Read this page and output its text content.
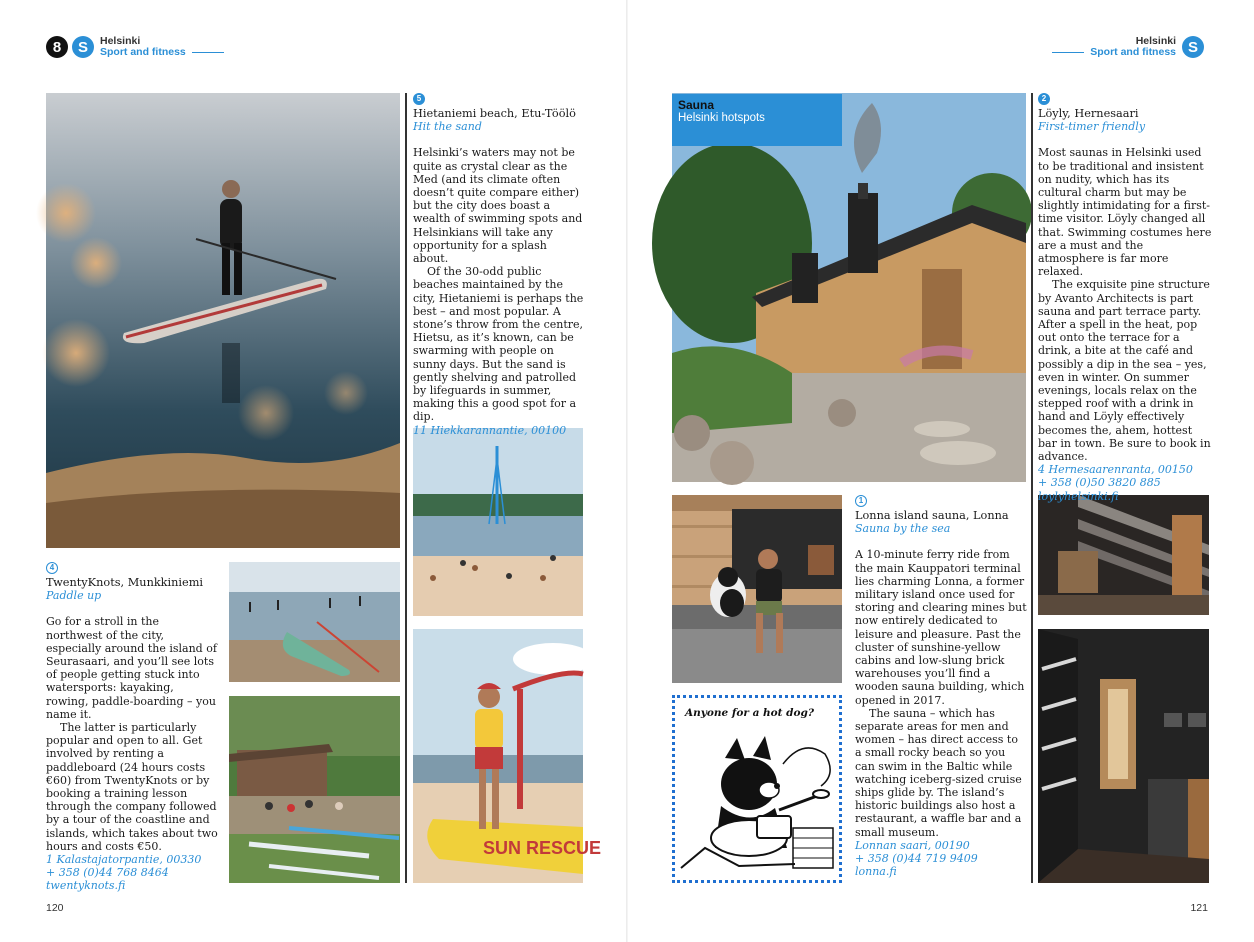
8	S	Helsinki
Sport and fitness	S
Helsinki
Sport and fitness
SUN RESCUE
5
Hietaniemi beach, Etu-Töölö
Hit the sand

Helsinki’s waters may not be quite as crystal clear as the Med (and its climate often doesn’t quite compare either) but the city does boast a wealth of swimming spots and Helsinkians will take any opportunity for a splash about.

Of the 30-odd public beaches maintained by the city, Hietaniemi is perhaps the best – and most popular. A stone’s throw from the centre, Hietsu, as it’s known, can be swarming with people on sunny days. But the sand is gently shelving and patrolled by lifeguards in summer, making this a good spot for a dip.

11 Hiekkarannantie, 00100
4
TwentyKnots, Munkkiniemi
Paddle up

Go for a stroll in the northwest of the city, especially around the island of Seurasaari, and you’ll see lots of people getting stuck into watersports: kayaking, rowing, paddle-boarding – you name it.

The latter is particularly popular and open to all. Get involved by renting a paddleboard (24 hours costs €60) from TwentyKnots or by booking a training lesson through the company followed by a tour of the coastline and islands, which takes about two hours and costs €50.

1 Kalastajatorpantie, 00330
+ 358 (0)44 768 8464
twentyknots.fi
120
Sauna
Helsinki hotspots
Anyone for a hot dog?
2
Löyly, Hernesaari
First-timer friendly

Most saunas in Helsinki used to be traditional and insistent on nudity, which has its cultural charm but may be slightly intimidating for a first-time visitor. Löyly changed all that. Swimming costumes here are a must and the atmosphere is far more relaxed.

The exquisite pine structure by Avanto Architects is part sauna and part terrace party. After a spell in the heat, pop out onto the terrace for a drink, a bite at the café and possibly a dip in the sea – yes, even in winter. On summer evenings, locals relax on the stepped roof with a drink in hand and Löyly effectively becomes the, ahem, hottest bar in town. Be sure to book in advance.

4 Hernesaarenranta, 00150
+ 358 (0)50 3820 885
loylyhelsinki.fi
1
Lonna island sauna, Lonna
Sauna by the sea

A 10-minute ferry ride from the main Kauppatori terminal lies charming Lonna, a former military island once used for storing and clearing mines but now entirely dedicated to leisure and pleasure. Past the cluster of sunshine-yellow cabins and low-slung brick warehouses you’ll find a wooden sauna building, which opened in 2017.

The sauna – which has separate areas for men and women – has direct access to a small rocky beach so you can swim in the Baltic while watching iceberg-sized cruise ships glide by. The island’s historic buildings also host a restaurant, a waffle bar and a small museum.

Lonnan saari, 00190
+ 358 (0)44 719 9409
lonna.fi
121
